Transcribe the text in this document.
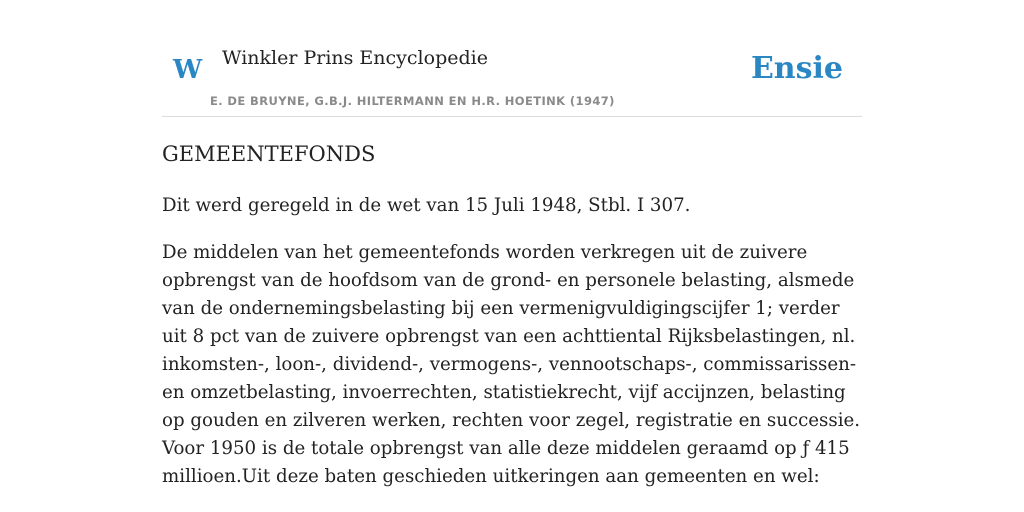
W Winkler Prins Encyclopedie
E. DE BRUYNE, G.B.J. HILTERMANN EN H.R. HOETINK (1947)
Ensie
GEMEENTEFONDS

Dit werd geregeld in de wet van 15 Juli 1948, Stbl. I 307.

De middelen van het gemeentefonds worden verkregen uit de zuivere opbrengst van de hoofdsom van de grond- en personele belasting, alsmede van de ondernemingsbelasting bij een vermenigvuldigingscijfer 1; verder uit 8 pct van de zuivere opbrengst van een achttiental Rijksbelastingen, nl. inkomsten-, loon-, dividend-, vermogens-, vennootschaps-, commissarissen- en omzetbelasting, invoerrechten, statistiekrecht, vijf accijnzen, belasting op gouden en zilveren werken, rechten voor zegel, registratie en successie. Voor 1950 is de totale opbrengst van alle deze middelen geraamd op ƒ 415 millioen.Uit deze baten geschieden uitkeringen aan gemeenten en wel:
